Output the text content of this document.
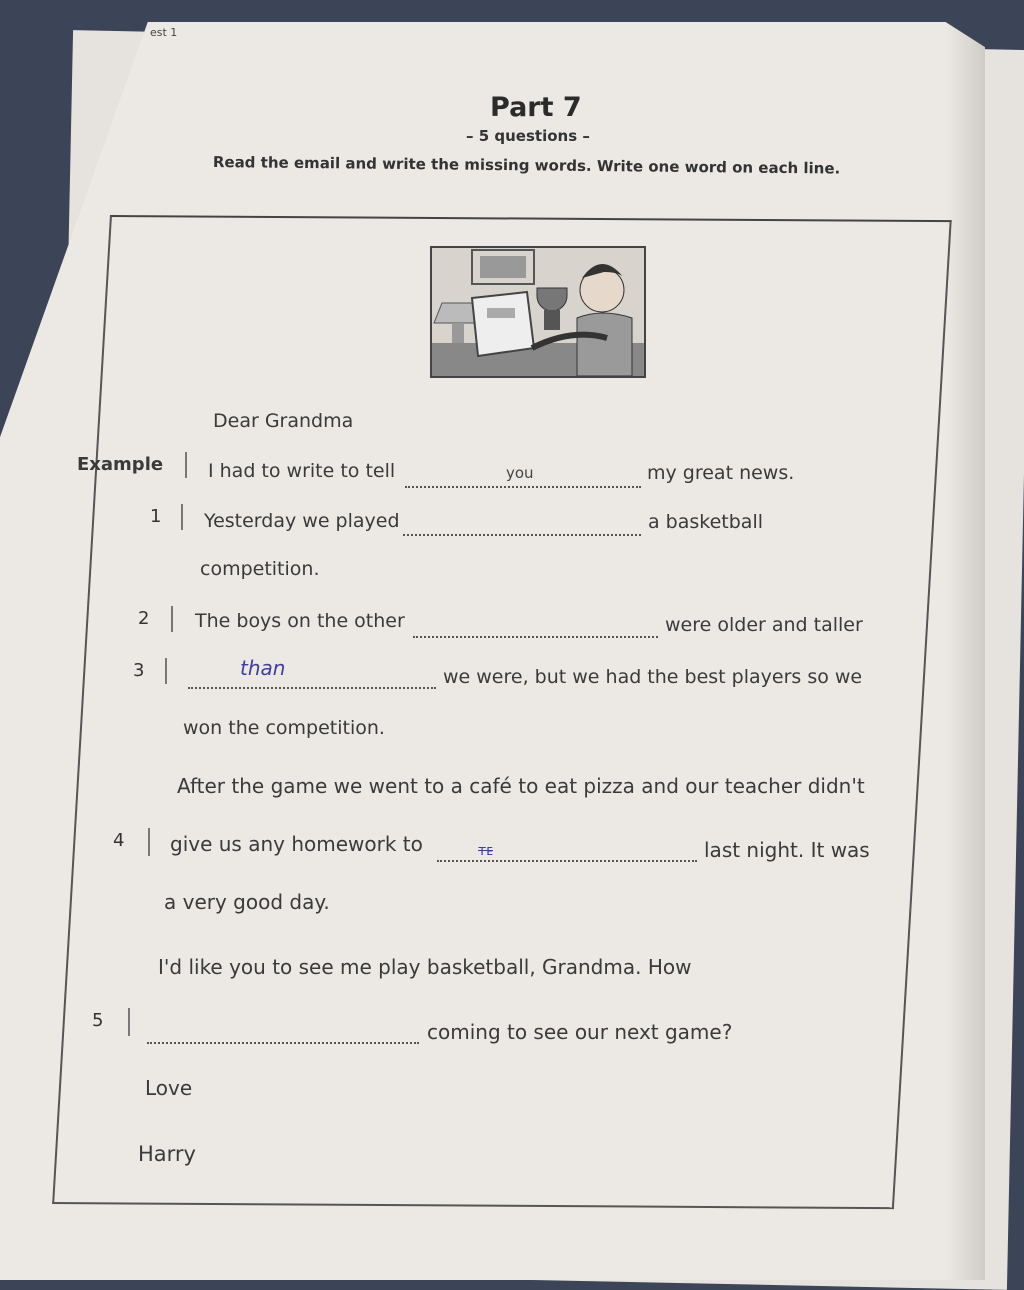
est 1
Part 7
– 5 questions –
Read the email and write the missing words. Write one word on each line.
Dear Grandma
Example I had to write to tell	you	my great news.
1 Yesterday we played	a basketball
competition.
2 The boys on the other	were older and taller
3	than	we were, but we had the best players so we
won the competition.
After the game we went to a café to eat pizza and our teacher didn't
4 give us any homework to	ᴛᴇ	last night. It was
a very good day.
I'd like you to see me play basketball, Grandma. How
5	coming to see our next game?
Love
Harry
